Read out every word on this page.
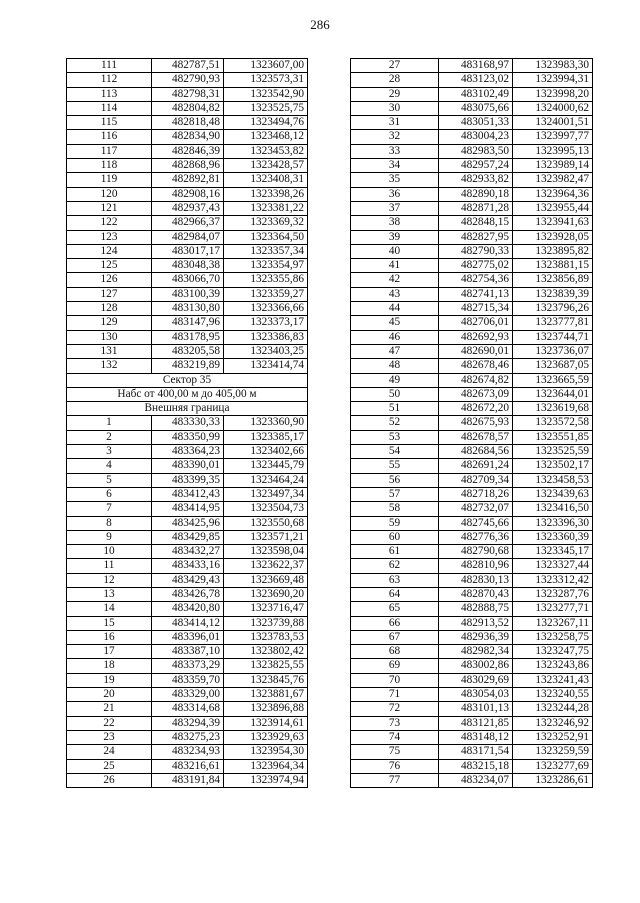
286
111	482787,51	1323607,00
112	482790,93	1323573,31
113	482798,31	1323542,90
114	482804,82	1323525,75
115	482818,48	1323494,76
116	482834,90	1323468,12
117	482846,39	1323453,82
118	482868,96	1323428,57
119	482892,81	1323408,31
120	482908,16	1323398,26
121	482937,43	1323381,22
122	482966,37	1323369,32
123	482984,07	1323364,50
124	483017,17	1323357,34
125	483048,38	1323354,97
126	483066,70	1323355,86
127	483100,39	1323359,27
128	483130,80	1323366,66
129	483147,96	1323373,17
130	483178,95	1323386,83
131	483205,58	1323403,25
132	483219,89	1323414,74
Сектор 35		
Набс от 400,00 м до 405,00 м		
Внешняя граница		
1	483330,33	1323360,90
2	483350,99	1323385,17
3	483364,23	1323402,66
4	483390,01	1323445,79
5	483399,35	1323464,24
6	483412,43	1323497,34
7	483414,95	1323504,73
8	483425,96	1323550,68
9	483429,85	1323571,21
10	483432,27	1323598,04
11	483433,16	1323622,37
12	483429,43	1323669,48
13	483426,78	1323690,20
14	483420,80	1323716,47
15	483414,12	1323739,88
16	483396,01	1323783,53
17	483387,10	1323802,42
18	483373,29	1323825,55
19	483359,70	1323845,76
20	483329,00	1323881,67
21	483314,68	1323896,88
22	483294,39	1323914,61
23	483275,23	1323929,63
24	483234,93	1323954,30
25	483216,61	1323964,34
26	483191,84	1323974,94
27	483168,97	1323983,30
28	483123,02	1323994,31
29	483102,49	1323998,20
30	483075,66	1324000,62
31	483051,33	1324001,51
32	483004,23	1323997,77
33	482983,50	1323995,13
34	482957,24	1323989,14
35	482933,82	1323982,47
36	482890,18	1323964,36
37	482871,28	1323955,44
38	482848,15	1323941,63
39	482827,95	1323928,05
40	482790,33	1323895,82
41	482775,02	1323881,15
42	482754,36	1323856,89
43	482741,13	1323839,39
44	482715,34	1323796,26
45	482706,01	1323777,81
46	482692,93	1323744,71
47	482690,01	1323736,07
48	482678,46	1323687,05
49	482674,82	1323665,59
50	482673,09	1323644,01
51	482672,20	1323619,68
52	482675,93	1323572,58
53	482678,57	1323551,85
54	482684,56	1323525,59
55	482691,24	1323502,17
56	482709,34	1323458,53
57	482718,26	1323439,63
58	482732,07	1323416,50
59	482745,66	1323396,30
60	482776,36	1323360,39
61	482790,68	1323345,17
62	482810,96	1323327,44
63	482830,13	1323312,42
64	482870,43	1323287,76
65	482888,75	1323277,71
66	482913,52	1323267,11
67	482936,39	1323258,75
68	482982,34	1323247,75
69	483002,86	1323243,86
70	483029,69	1323241,43
71	483054,03	1323240,55
72	483101,13	1323244,28
73	483121,85	1323246,92
74	483148,12	1323252,91
75	483171,54	1323259,59
76	483215,18	1323277,69
77	483234,07	1323286,61
